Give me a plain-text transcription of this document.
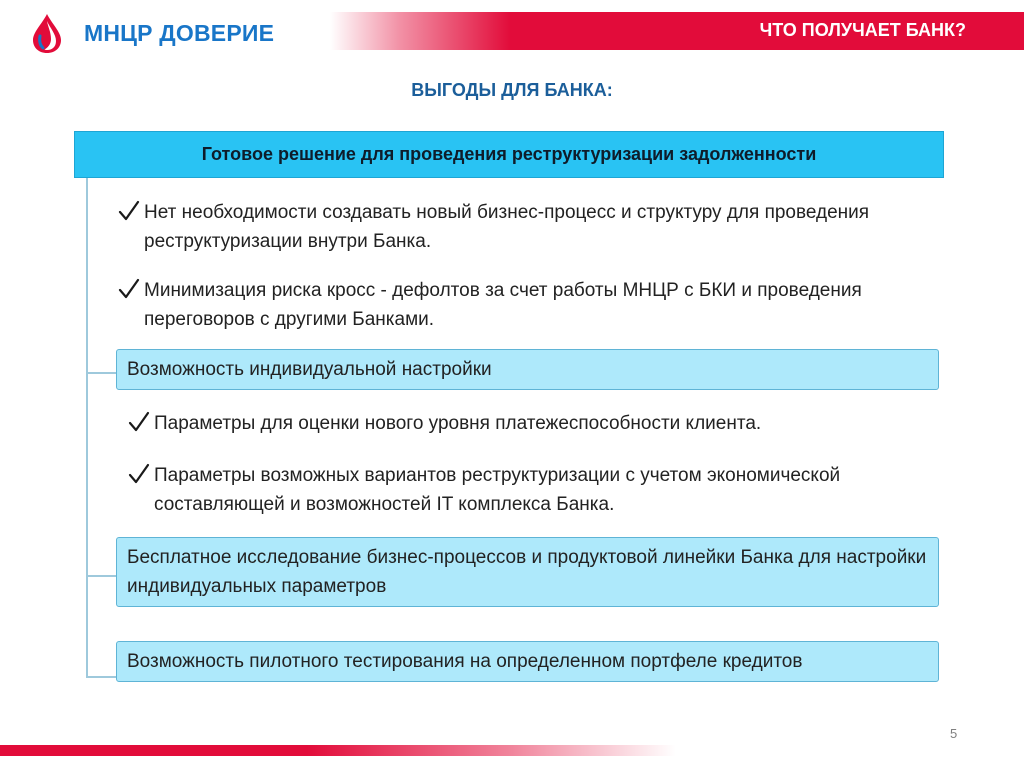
МНЦР ДОВЕРИЕ	ЧТО ПОЛУЧАЕТ БАНК?
ВЫГОДЫ ДЛЯ БАНКА:
Готовое решение для проведения реструктуризации задолженности
Нет необходимости создавать новый бизнес-процесс и структуру для проведения реструктуризации внутри Банка.
Минимизация риска кросс - дефолтов за счет работы МНЦР с БКИ и проведения переговоров с другими Банками.
Возможность индивидуальной настройки
Параметры для оценки нового уровня платежеспособности клиента.
Параметры возможных вариантов реструктуризации с учетом экономической составляющей и возможностей IT комплекса Банка.
Бесплатное исследование бизнес-процессов и продуктовой линейки Банка для настройки индивидуальных параметров
Возможность пилотного тестирования на определенном портфеле кредитов
5
